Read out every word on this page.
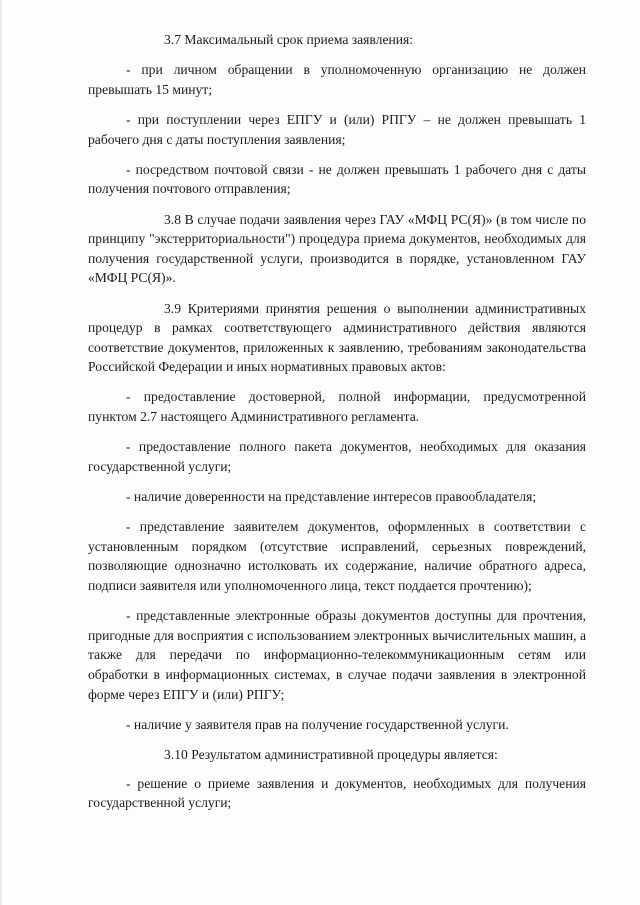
3.7 Максимальный срок приема заявления:

- при личном обращении в уполномоченную организацию не должен превышать 15 минут;

- при поступлении через ЕПГУ и (или) РПГУ – не должен превышать 1 рабочего дня с даты поступления заявления;

- посредством почтовой связи - не должен превышать 1 рабочего дня с даты получения почтового отправления;

3.8 В случае подачи заявления через ГАУ «МФЦ РС(Я)» (в том числе по принципу "экстерриториальности") процедура приема документов, необходимых для получения государственной услуги, производится в порядке, установленном ГАУ «МФЦ РС(Я)».

3.9 Критериями принятия решения о выполнении административных процедур в рамках соответствующего административного действия являются соответствие документов, приложенных к заявлению, требованиям законодательства Российской Федерации и иных нормативных правовых актов:

- предоставление достоверной, полной информации, предусмотренной пунктом 2.7 настоящего Административного регламента.

- предоставление полного пакета документов, необходимых для оказания государственной услуги;

- наличие доверенности на представление интересов правообладателя;

- представление заявителем документов, оформленных в соответствии с установленным порядком (отсутствие исправлений, серьезных повреждений, позволяющие однозначно истолковать их содержание, наличие обратного адреса, подписи заявителя или уполномоченного лица, текст поддается прочтению);

- представленные электронные образы документов доступны для прочтения, пригодные для восприятия с использованием электронных вычислительных машин, а также для передачи по информационно-телекоммуникационным сетям или обработки в информационных системах, в случае подачи заявления в электронной форме через ЕПГУ и (или) РПГУ;

- наличие у заявителя прав на получение государственной услуги.

3.10 Результатом административной процедуры является:

- решение о приеме заявления и документов, необходимых для получения государственной услуги;
